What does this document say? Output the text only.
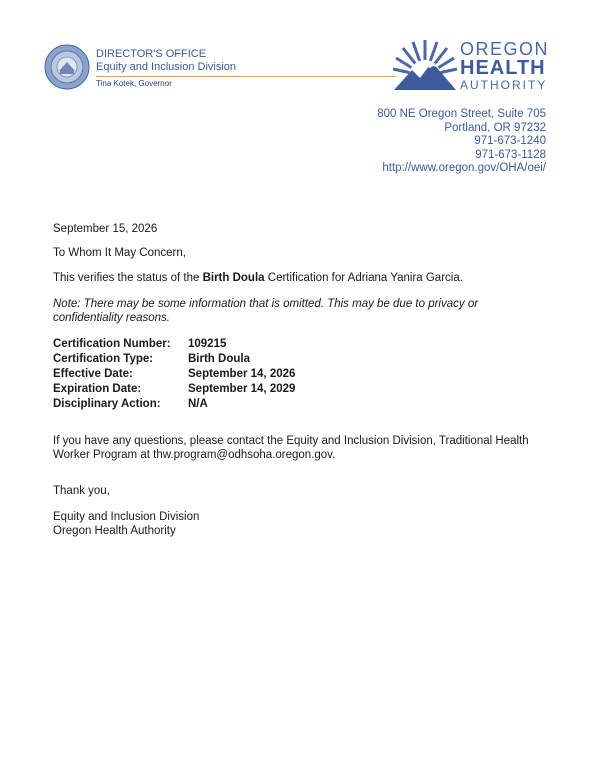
DIRECTOR'S OFFICE
Equity and Inclusion Division
Tina Kotek, Governor
OREGON
HEALTH
AUTHORITY
800 NE Oregon Street, Suite 705
Portland, OR 97232
971-673-1240
971-673-1128
http://www.oregon.gov/OHA/oei/
September 15, 2026
To Whom It May Concern,
This verifies the status of the Birth Doula Certification for Adriana Yanira Garcia.
Note: There may be some information that is omitted. This may be due to privacy or confidentiality reasons.
Certification Number:	109215
Certification Type:	Birth Doula
Effective Date:	September 14, 2026
Expiration Date:	September 14, 2029
Disciplinary Action:	N/A
If you have any questions, please contact the Equity and Inclusion Division, Traditional Health Worker Program at thw.program@odhsoha.oregon.gov.
Thank you,
Equity and Inclusion Division
Oregon Health Authority
